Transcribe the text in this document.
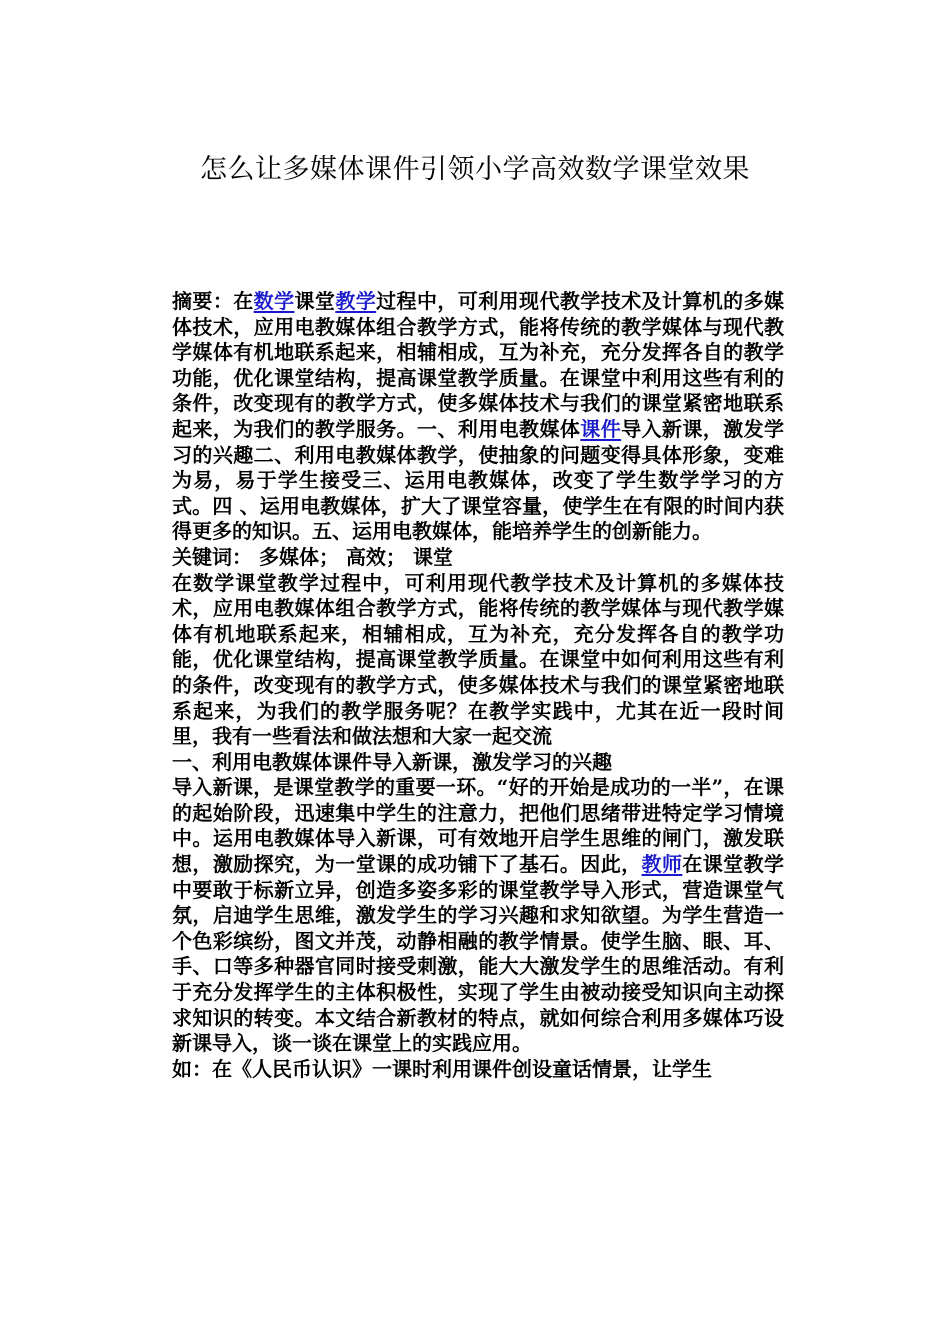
怎么让多媒体课件引领小学高效数学课堂效果

摘要：在数学课堂教学过程中，可利用现代教学技术及计算机的多媒体技术，应用电教媒体组合教学方式，能将传统的教学媒体与现代教学媒体有机地联系起来，相辅相成，互为补充，充分发挥各自的教学功能，优化课堂结构，提高课堂教学质量。在课堂中利用这些有利的条件，改变现有的教学方式，使多媒体技术与我们的课堂紧密地联系起来，为我们的教学服务。一、利用电教媒体课件导入新课，激发学习的兴趣二、利用电教媒体教学，使抽象的问题变得具体形象，变难为易，易于学生接受三、运用电教媒体，改变了学生数学学习的方式。四 、运用电教媒体，扩大了课堂容量，使学生在有限的时间内获得更多的知识。五、运用电教媒体，能培养学生的创新能力。

关键词： 多媒体； 高效； 课堂

在数学课堂教学过程中，可利用现代教学技术及计算机的多媒体技术，应用电教媒体组合教学方式，能将传统的教学媒体与现代教学媒体有机地联系起来，相辅相成，互为补充，充分发挥各自的教学功能，优化课堂结构，提高课堂教学质量。在课堂中如何利用这些有利的条件，改变现有的教学方式，使多媒体技术与我们的课堂紧密地联系起来，为我们的教学服务呢？在教学实践中，尤其在近一段时间里，我有一些看法和做法想和大家一起交流

一、利用电教媒体课件导入新课，激发学习的兴趣

导入新课，是课堂教学的重要一环。“好的开始是成功的一半”，在课的起始阶段，迅速集中学生的注意力，把他们思绪带进特定学习情境中。运用电教媒体导入新课，可有效地开启学生思维的闸门，激发联想，激励探究，为一堂课的成功铺下了基石。因此，教师在课堂教学中要敢于标新立异，创造多姿多彩的课堂教学导入形式，营造课堂气氛，启迪学生思维，激发学生的学习兴趣和求知欲望。为学生营造一个色彩缤纷，图文并茂，动静相融的教学情景。使学生脑、眼、耳、手、口等多种器官同时接受刺激，能大大激发学生的思维活动。有利于充分发挥学生的主体积极性，实现了学生由被动接受知识向主动探求知识的转变。本文结合新教材的特点，就如何综合利用多媒体巧设新课导入，谈一谈在课堂上的实践应用。

如：在《人民币认识》一课时利用课件创设童话情景，让学生
